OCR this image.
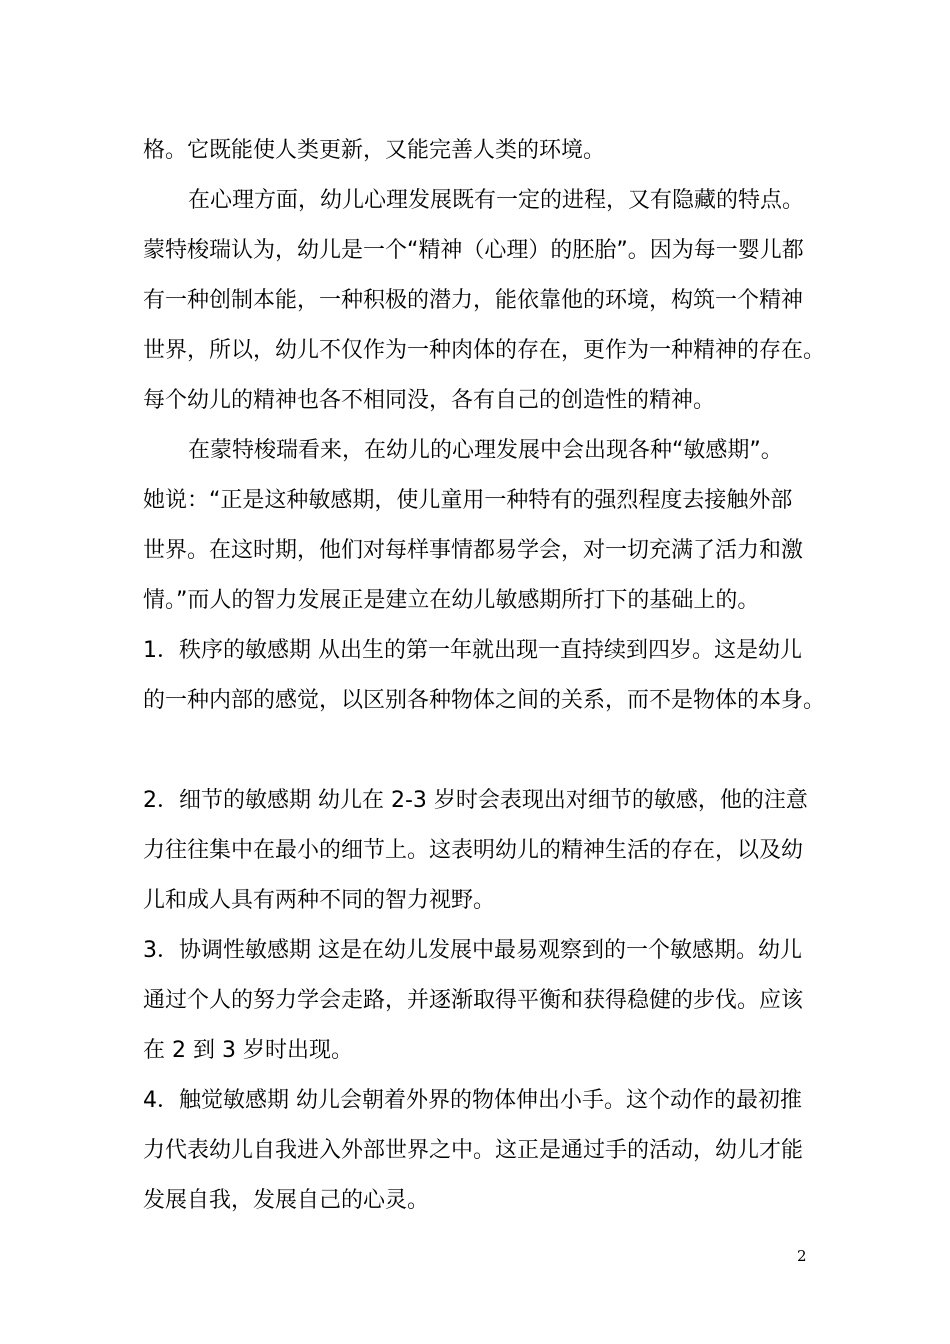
格。它既能使人类更新，又能完善人类的环境。
在心理方面，幼儿心理发展既有一定的进程，又有隐藏的特点。
蒙特梭瑞认为，幼儿是一个“精神（心理）的胚胎”。因为每一婴儿都
有一种创制本能，一种积极的潜力，能依靠他的环境，构筑一个精神
世界，所以，幼儿不仅作为一种肉体的存在，更作为一种精神的存在。
每个幼儿的精神也各不相同没，各有自己的创造性的精神。
在蒙特梭瑞看来，在幼儿的心理发展中会出现各种“敏感期”。
她说：“正是这种敏感期，使儿童用一种特有的强烈程度去接触外部
世界。在这时期，他们对每样事情都易学会，对一切充满了活力和激
情。”而人的智力发展正是建立在幼儿敏感期所打下的基础上的。
1．秩序的敏感期 从出生的第一年就出现一直持续到四岁。这是幼儿
的一种内部的感觉，以区别各种物体之间的关系，而不是物体的本身。
2．细节的敏感期 幼儿在 2-3 岁时会表现出对细节的敏感，他的注意
力往往集中在最小的细节上。这表明幼儿的精神生活的存在，以及幼
儿和成人具有两种不同的智力视野。
3．协调性敏感期 这是在幼儿发展中最易观察到的一个敏感期。幼儿
通过个人的努力学会走路，并逐渐取得平衡和获得稳健的步伐。应该
在 2 到 3 岁时出现。
4．触觉敏感期 幼儿会朝着外界的物体伸出小手。这个动作的最初推
力代表幼儿自我进入外部世界之中。这正是通过手的活动，幼儿才能
发展自我，发展自己的心灵。
2
